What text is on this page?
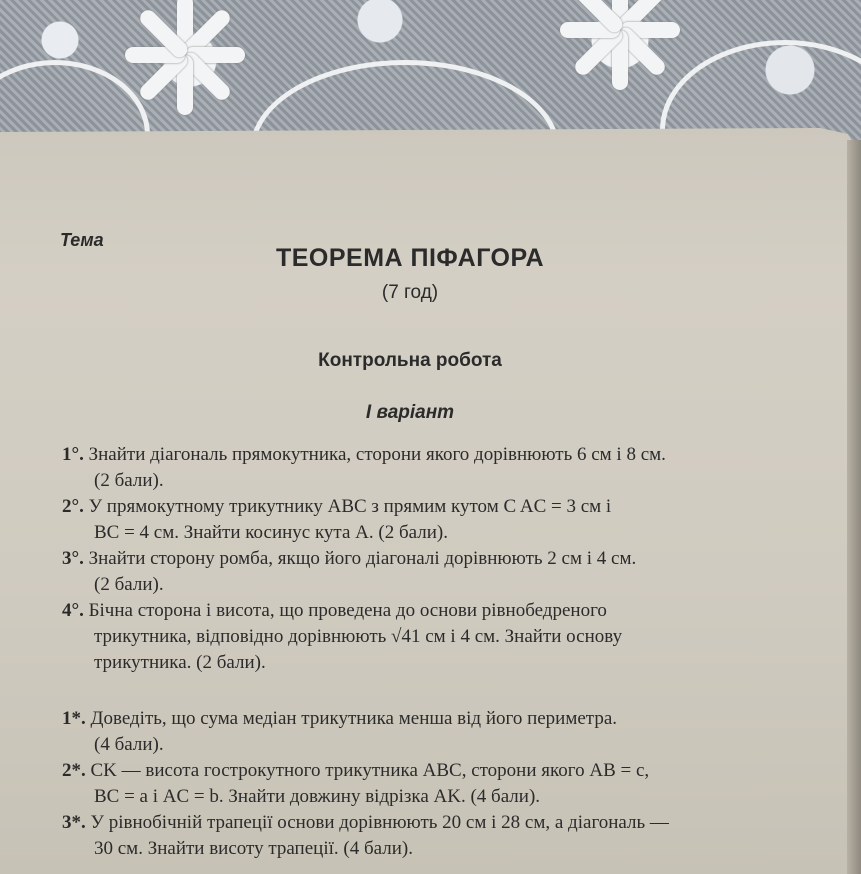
Тема
ТЕОРЕМА ПІФАГОРА
(7 год)
Контрольна робота
І варіант
1°. Знайти діагональ прямокутника, сторони якого дорівнюють 6 см і 8 см.
(2 бали).
2°. У прямокутному трикутнику ABC з прямим кутом C AC = 3 см і
BC = 4 см. Знайти косинус кута A. (2 бали).
3°. Знайти сторону ромба, якщо його діагоналі дорівнюють 2 см і 4 см.
(2 бали).
4°. Бічна сторона і висота, що проведена до основи рівнобедреного
трикутника, відповідно дорівнюють √41 см і 4 см. Знайти основу
трикутника. (2 бали).
1*. Доведіть, що сума медіан трикутника менша від його периметра.
(4 бали).
2*. CK — висота гострокутного трикутника ABC, сторони якого AB = c,
BC = a і AC = b. Знайти довжину відрізка AK. (4 бали).
3*. У рівнобічній трапеції основи дорівнюють 20 см і 28 см, а діагональ —
30 см. Знайти висоту трапеції. (4 бали).
